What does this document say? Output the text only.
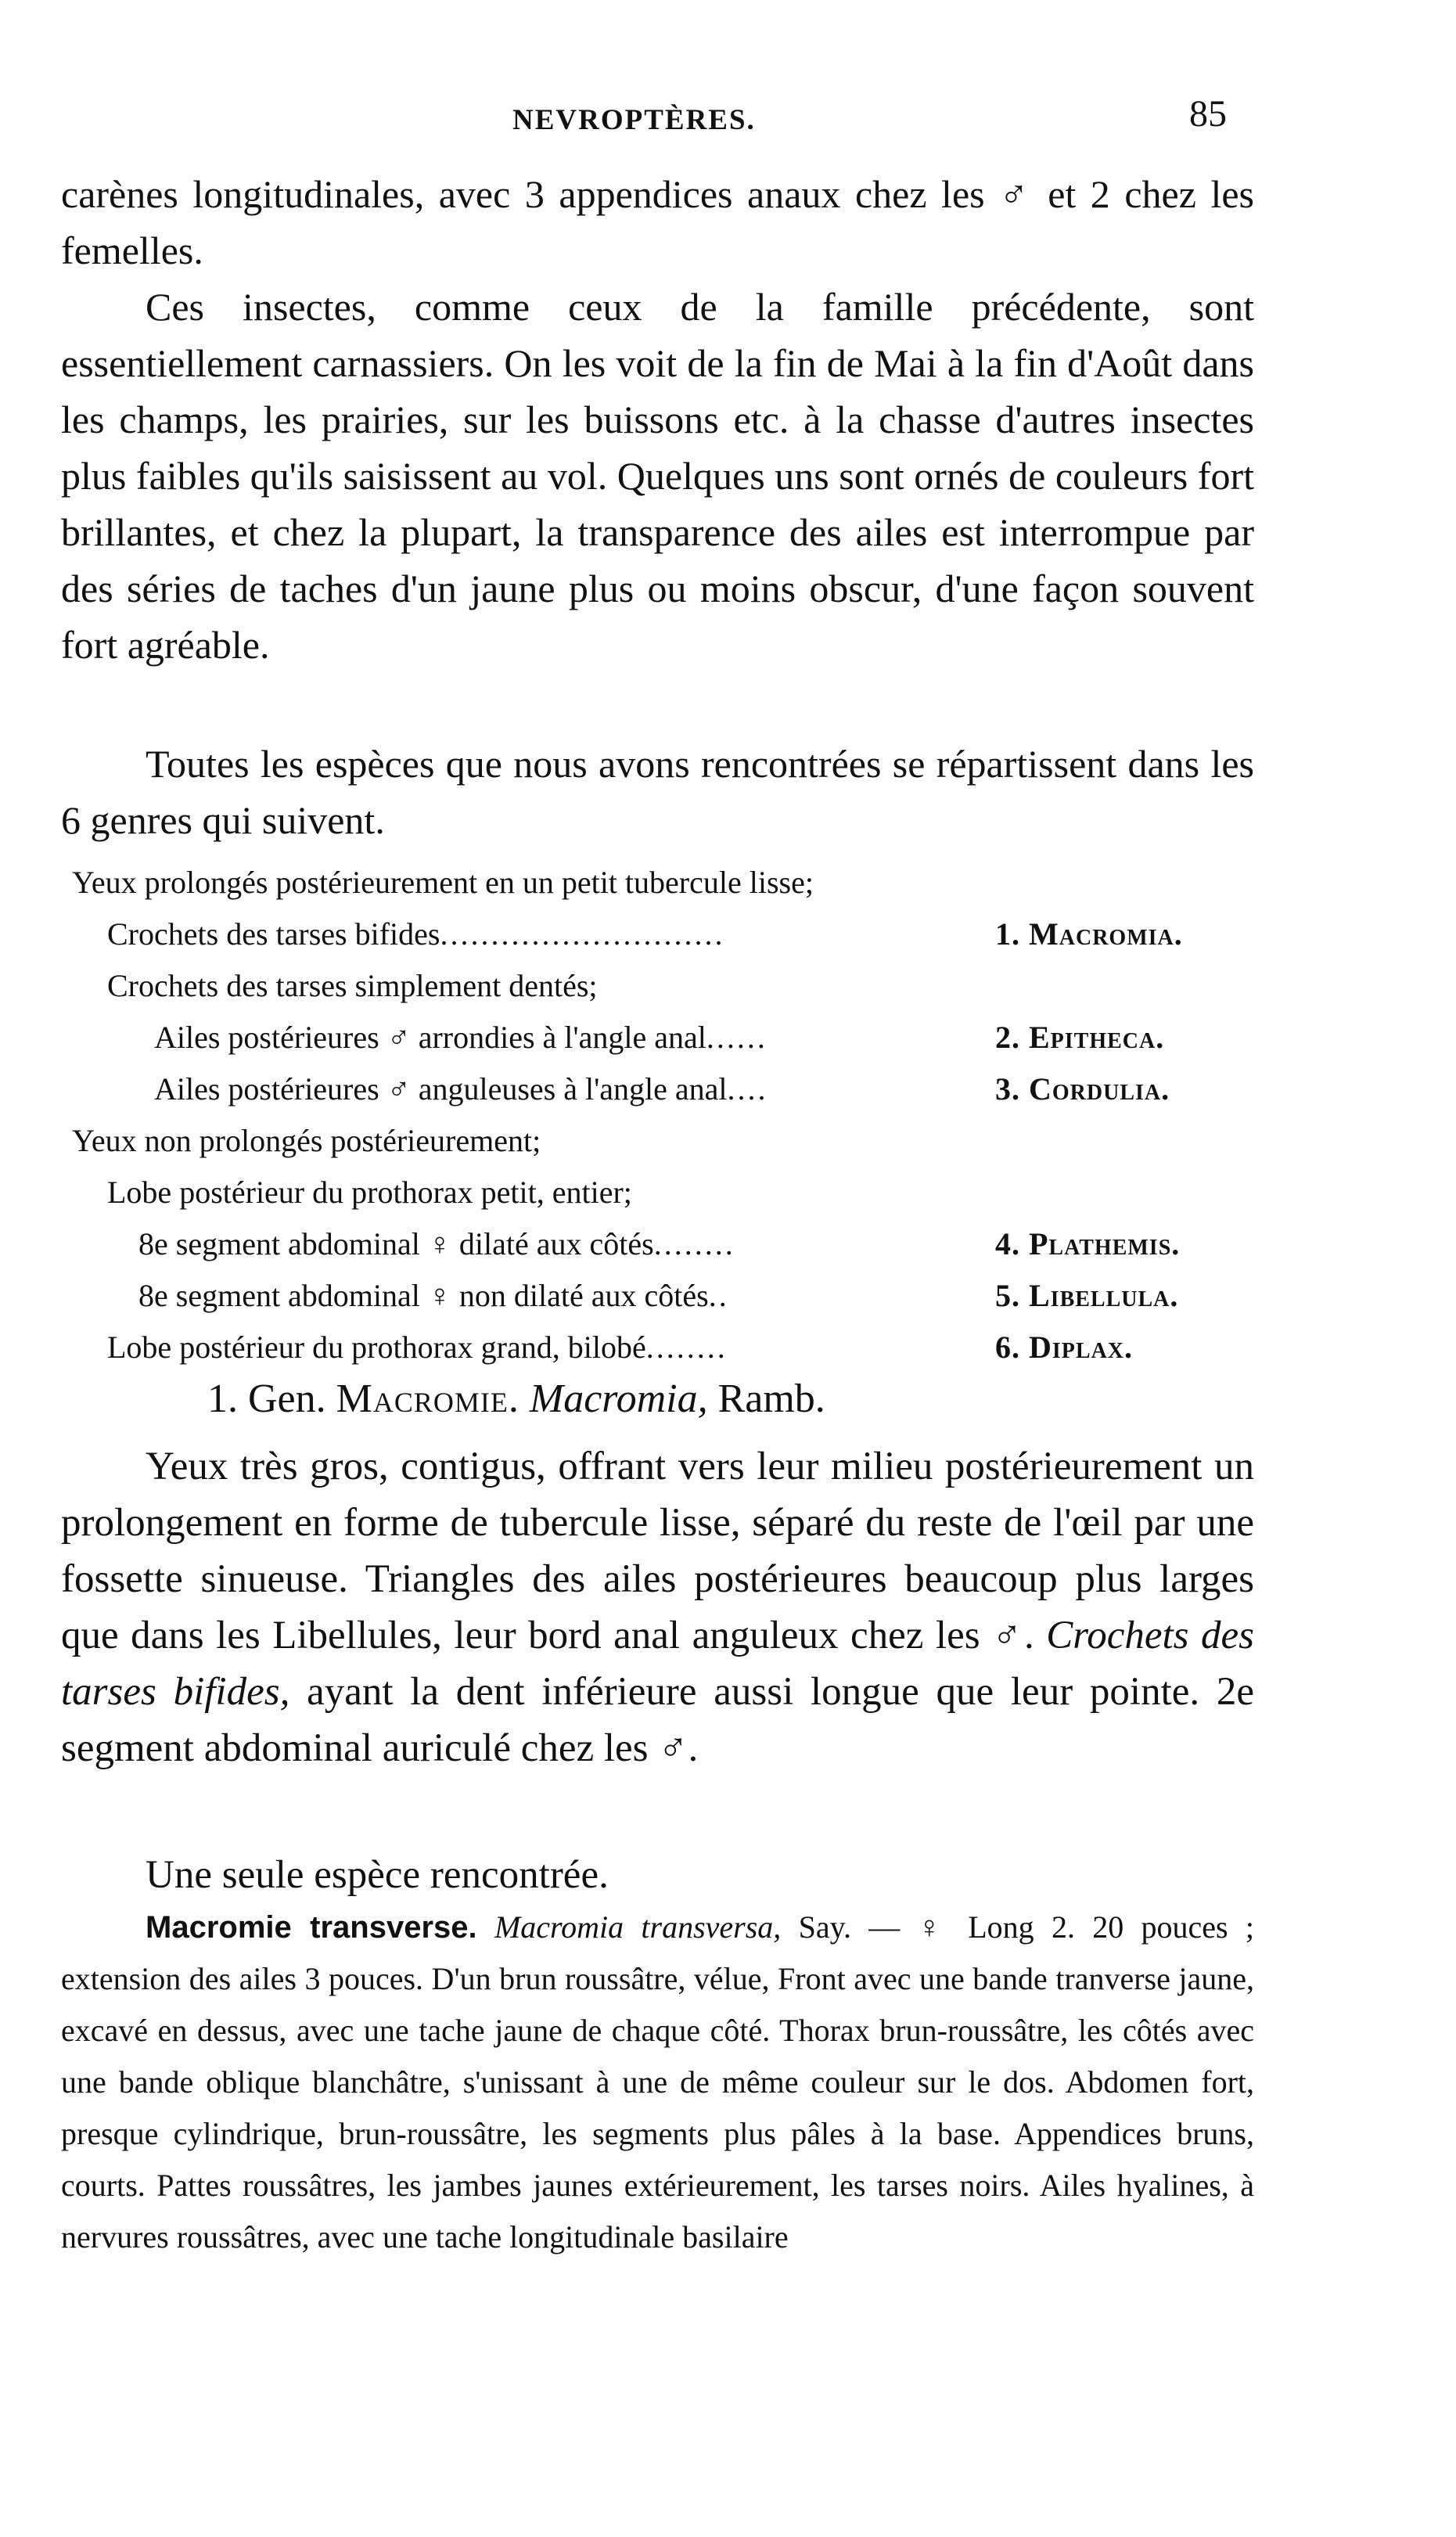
NEVROPTÈRES.	85

carènes longitudinales, avec 3 appendices anaux chez les ♂ et 2 chez les femelles.

Ces insectes, comme ceux de la famille précédente, sont essentiellement carnassiers. On les voit de la fin de Mai à la fin d'Août dans les champs, les prairies, sur les buissons etc. à la chasse d'autres insectes plus faibles qu'ils saisissent au vol. Quelques uns sont ornés de couleurs fort brillantes, et chez la plupart, la transparence des ailes est interrompue par des séries de taches d'un jaune plus ou moins obscur, d'une façon souvent fort agréable.

Toutes les espèces que nous avons rencontrées se répartissent dans les 6 genres qui suivent.

Yeux prolongés postérieurement en un petit tubercule lisse;
Crochets des tarses bifides............................	1. Macromia.
Crochets des tarses simplement dentés;
Ailes postérieures ♂ arrondies à l'angle anal......	2. Epitheca.
Ailes postérieures ♂ anguleuses à l'angle anal....	3. Cordulia.
Yeux non prolongés postérieurement;
Lobe postérieur du prothorax petit, entier;
8e segment abdominal ♀ dilaté aux côtés........	4. Plathemis.
8e segment abdominal ♀ non dilaté aux côtés..	5. Libellula.
Lobe postérieur du prothorax grand, bilobé........	6. Diplax.
1. Gen. Macromie. Macromia, Ramb.

Yeux très gros, contigus, offrant vers leur milieu postérieurement un prolongement en forme de tubercule lisse, séparé du reste de l'œil par une fossette sinueuse. Triangles des ailes postérieures beaucoup plus larges que dans les Libellules, leur bord anal anguleux chez les ♂. Crochets des tarses bifides, ayant la dent inférieure aussi longue que leur pointe. 2e segment abdominal auriculé chez les ♂.

Une seule espèce rencontrée.

Macromie transverse. Macromia transversa, Say. — ♀ Long 2. 20 pouces ; extension des ailes 3 pouces. D'un brun roussâtre, vélue, Front avec une bande tranverse jaune, excavé en dessus, avec une tache jaune de chaque côté. Thorax brun-roussâtre, les côtés avec une bande oblique blanchâtre, s'unissant à une de même couleur sur le dos. Abdomen fort, presque cylindrique, brun-roussâtre, les segments plus pâles à la base. Appendices bruns, courts. Pattes roussâtres, les jambes jaunes extérieurement, les tarses noirs. Ailes hyalines, à nervures roussâtres, avec une tache longitudinale basilaire
